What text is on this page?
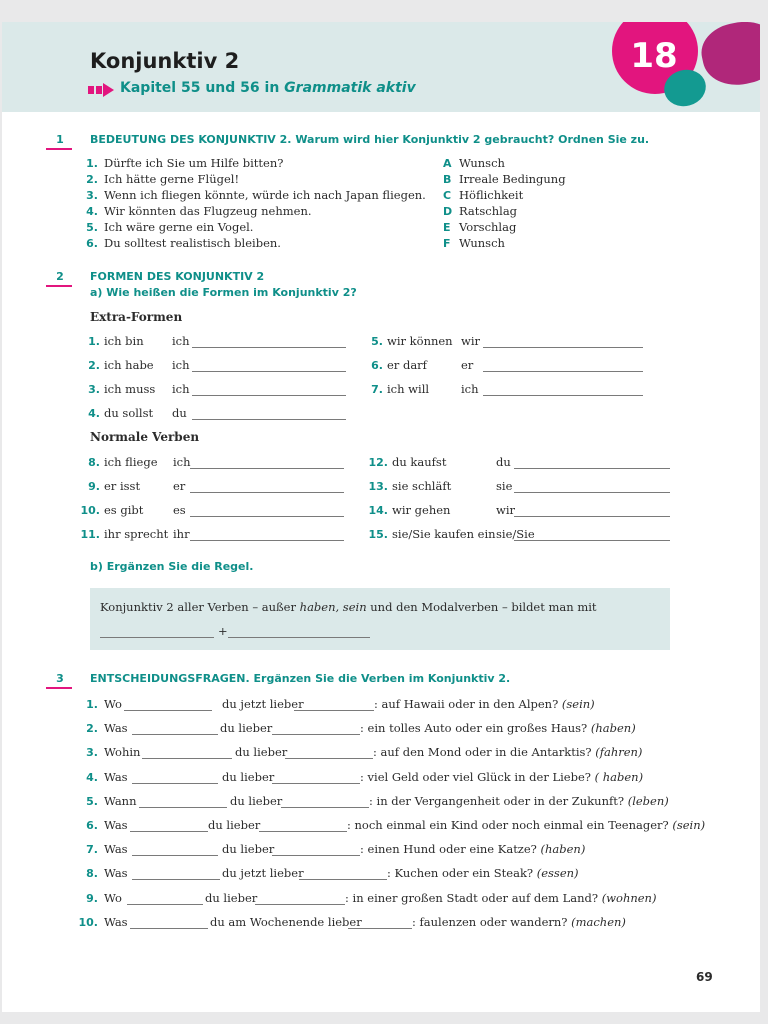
18
Konjunktiv 2
Kapitel 55 und 56 in Grammatik aktiv
1	BEDEUTUNG DES KONJUNKTIV 2. Warum wird hier Konjunktiv 2 gebraucht? Ordnen Sie zu.
1. Dürfte ich Sie um Hilfe bitten?
2. Ich hätte gerne Flügel!
3. Wenn ich fliegen könnte, würde ich nach Japan fliegen.
4. Wir könnten das Flugzeug nehmen.
5. Ich wäre gerne ein Vogel.
6. Du solltest realistisch bleiben.
A Wunsch
B Irreale Bedingung
C Höflichkeit
D Ratschlag
E Vorschlag
F Wunsch
2	FORMEN DES KONJUNKTIV 2
a) Wie heißen die Formen im Konjunktiv 2?
Extra-Formen
Normale Verben
1. ich bin ich
2. ich habe ich
3. ich muss ich
4. du sollst du
5. wir können wir
6. er darf	er
7. ich will	ich
8. ich fliege ich
9. er isst	er
10. es gibt	es
11. ihr sprecht ihr
12. du kaufst	du
13. sie schläft	sie
14. wir gehen	wir
15. sie/Sie kaufen ein sie/Sie
b) Ergänzen Sie die Regel.
Konjunktiv 2 aller Verben – außer haben, sein und den Modalverben – bildet man mit
+
3	ENTSCHEIDUNGSFRAGEN. Ergänzen Sie die Verben im Konjunktiv 2.
1. Wo	du jetzt lieber	: auf Hawaii oder in den Alpen? (sein)
2. Was	du lieber	: ein tolles Auto oder ein großes Haus? (haben)
3. Wohin	du lieber	: auf den Mond oder in die Antarktis? (fahren)
4. Was	du lieber	: viel Geld oder viel Glück in der Liebe? ( haben)
5. Wann	du lieber	: in der Vergangenheit oder in der Zukunft? (leben)
6. Was	du lieber	: noch einmal ein Kind oder noch einmal ein Teenager? (sein)
7. Was	du lieber	: einen Hund oder eine Katze? (haben)
8. Was	du jetzt lieber	: Kuchen oder ein Steak? (essen)
9. Wo	du lieber	: in einer großen Stadt oder auf dem Land? (wohnen)
10. Was	du am Wochenende lieber	: faulenzen oder wandern? (machen)
69
